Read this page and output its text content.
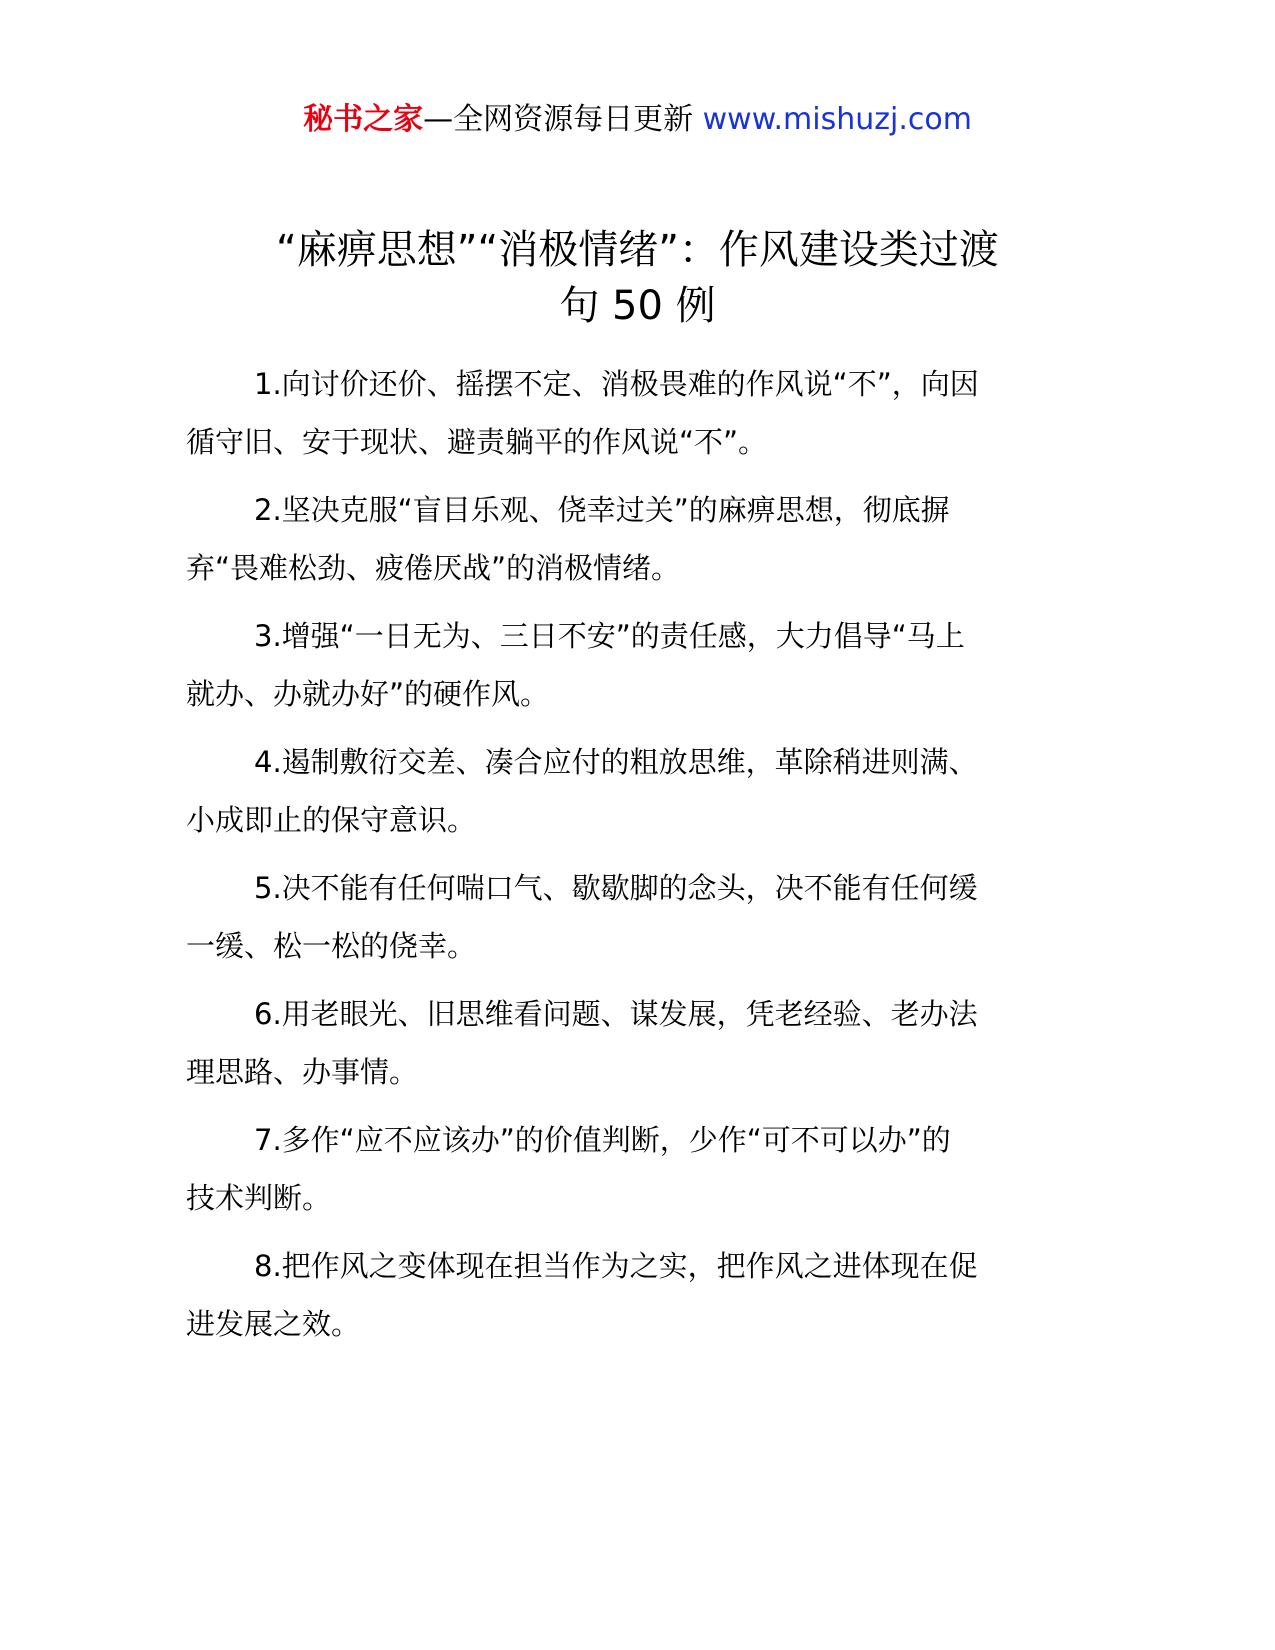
秘书之家—全网资源每日更新 www.mishuzj.com
“麻痹思想”“消极情绪”：作风建设类过渡
句 50 例
1.向讨价还价、摇摆不定、消极畏难的作风说“不”，向因
循守旧、安于现状、避责躺平的作风说“不”。
2.坚决克服“盲目乐观、侥幸过关”的麻痹思想，彻底摒
弃“畏难松劲、疲倦厌战”的消极情绪。
3.增强“一日无为、三日不安”的责任感，大力倡导“马上
就办、办就办好”的硬作风。
4.遏制敷衍交差、凑合应付的粗放思维，革除稍进则满、
小成即止的保守意识。
5.决不能有任何喘口气、歇歇脚的念头，决不能有任何缓
一缓、松一松的侥幸。
6.用老眼光、旧思维看问题、谋发展，凭老经验、老办法
理思路、办事情。
7.多作“应不应该办”的价值判断，少作“可不可以办”的
技术判断。
8.把作风之变体现在担当作为之实，把作风之进体现在促
进发展之效。
